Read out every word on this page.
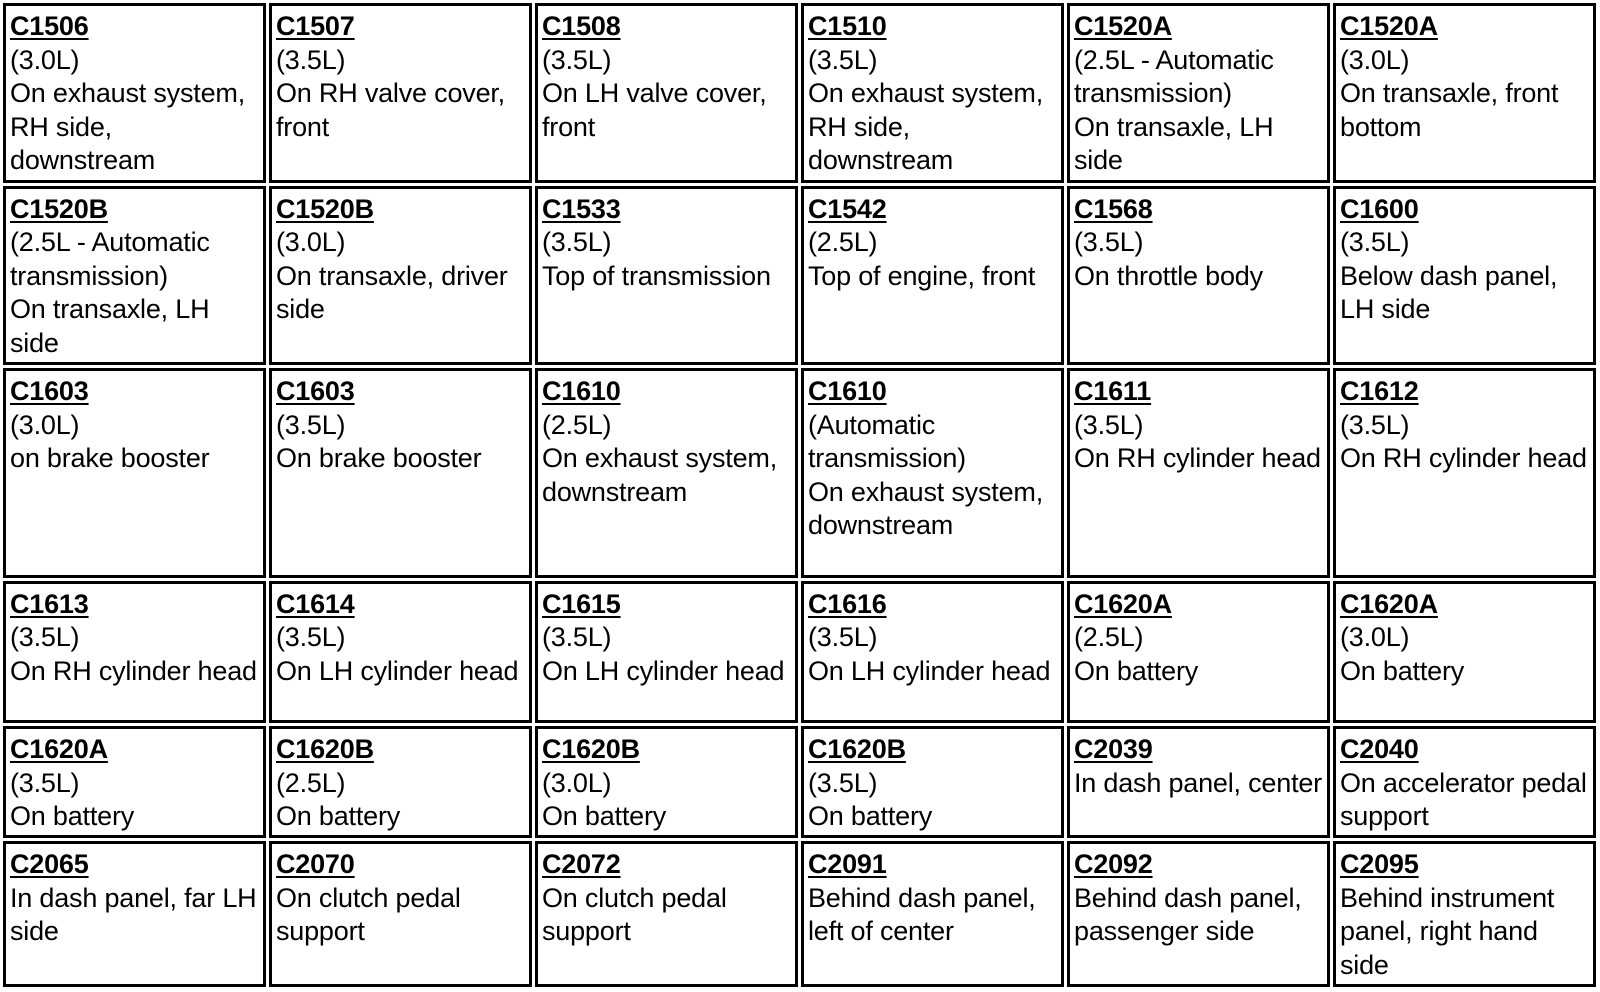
C1506
(3.0L)
On exhaust system, RH side, downstream	C1507
(3.5L)
On RH valve cover, front	C1508
(3.5L)
On LH valve cover, front	C1510
(3.5L)
On exhaust system, RH side, downstream	C1520A
(2.5L - Automatic transmission)
On transaxle, LH side	C1520A
(3.0L)
On transaxle, front bottom

C1520B
(2.5L - Automatic transmission)
On transaxle, LH side	C1520B
(3.0L)
On transaxle, driver side	C1533
(3.5L)
Top of transmission	C1542
(2.5L)
Top of engine, front	C1568
(3.5L)
On throttle body	C1600
(3.5L)
Below dash panel, LH side

C1603
(3.0L)
on brake booster	C1603
(3.5L)
On brake booster	C1610
(2.5L)
On exhaust system, downstream	C1610
(Automatic transmission)
On exhaust system, downstream	C1611
(3.5L)
On RH cylinder head	C1612
(3.5L)
On RH cylinder head

C1613
(3.5L)
On RH cylinder head	C1614
(3.5L)
On LH cylinder head	C1615
(3.5L)
On LH cylinder head	C1616
(3.5L)
On LH cylinder head	C1620A
(2.5L)
On battery	C1620A
(3.0L)
On battery

C1620A
(3.5L)
On battery	C1620B
(2.5L)
On battery	C1620B
(3.0L)
On battery	C1620B
(3.5L)
On battery	C2039
In dash panel, center	C2040
On accelerator pedal support

C2065
In dash panel, far LH side	C2070
On clutch pedal support	C2072
On clutch pedal support	C2091
Behind dash panel, left of center	C2092
Behind dash panel, passenger side	C2095
Behind instrument panel, right hand side
